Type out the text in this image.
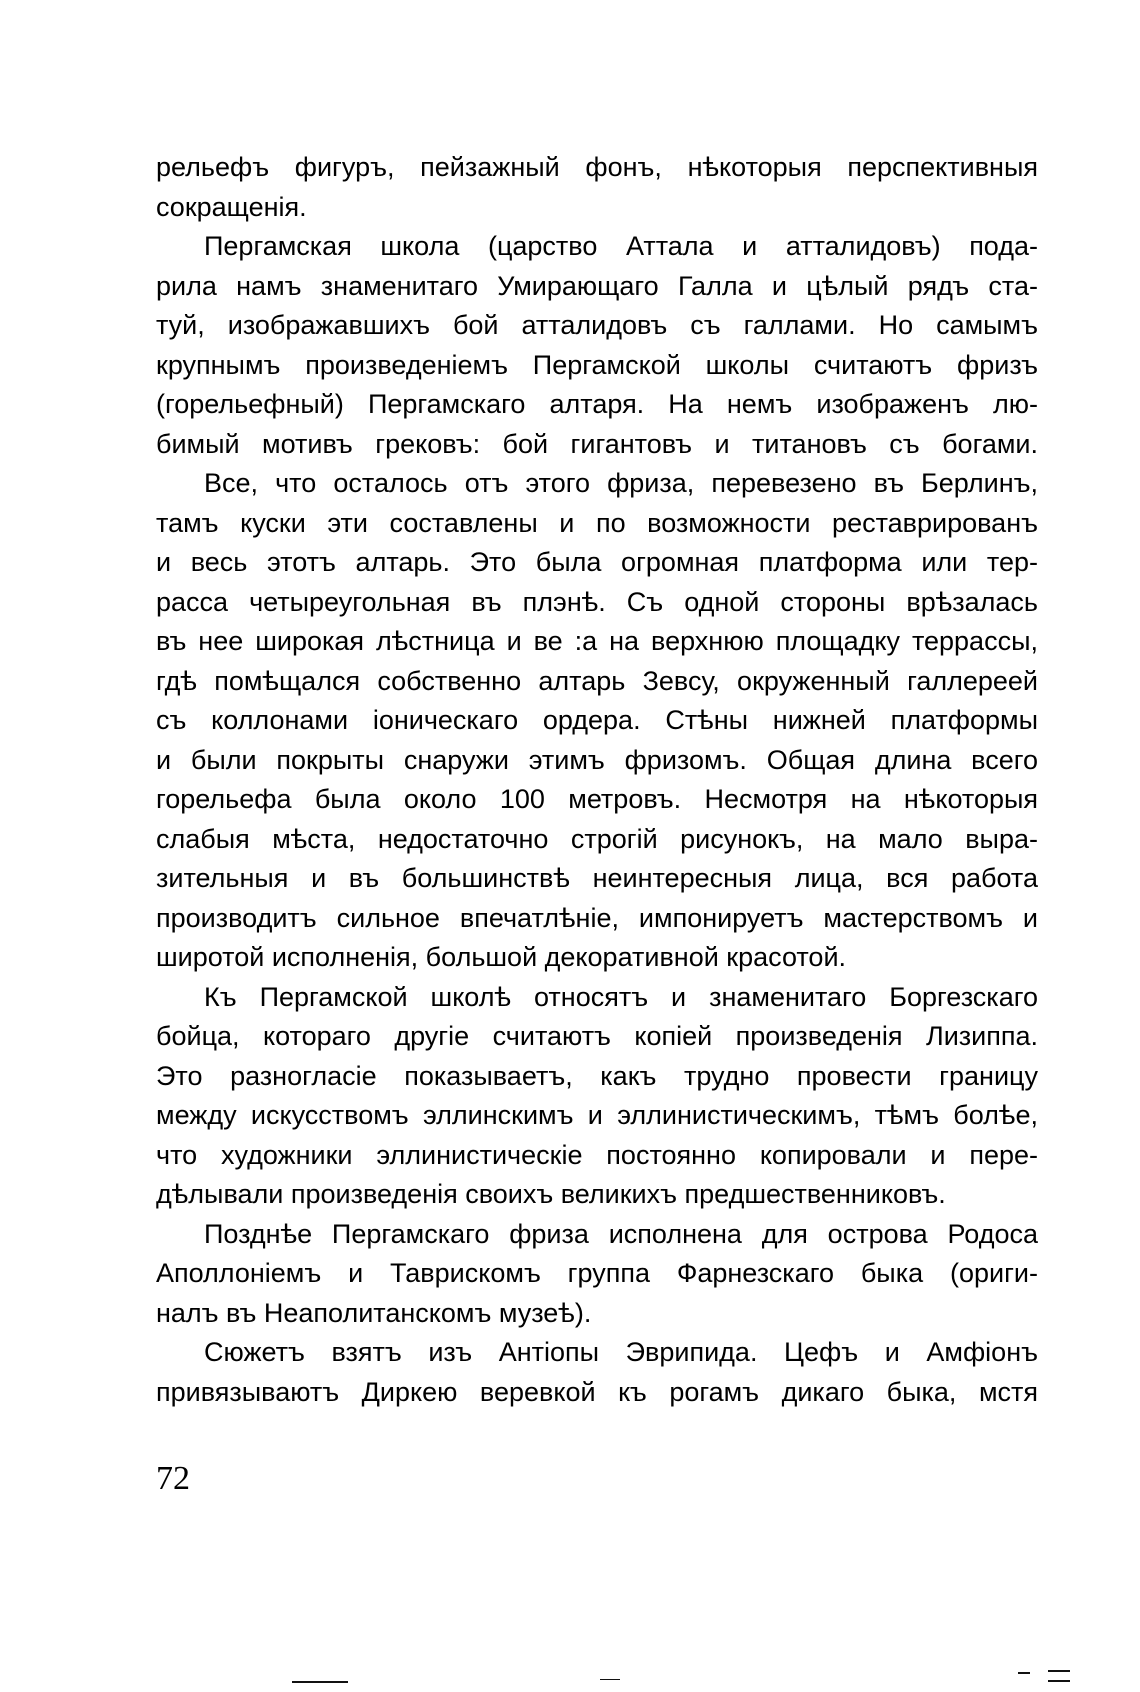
рельефъ фигуръ, пейзажный фонъ, нѣкоторыя перспективныя
сокращенія.
Пергамская школа (царство Аттала и атталидовъ) пода-
рила намъ знаменитаго Умирающаго Галла и цѣлый рядъ ста-
туй, изображавшихъ бой атталидовъ съ галлами. Но самымъ
крупнымъ произведеніемъ Пергамской школы считаютъ фризъ
(горельефный) Пергамскаго алтаря. На немъ изображенъ лю-
бимый мотивъ грековъ: бой гигантовъ и титановъ съ богами.
Все, что осталось отъ этого фриза, перевезено въ Берлинъ,
тамъ куски эти составлены и по возможности реставрированъ
и весь этотъ алтарь. Это была огромная платформа или тер-
расса четыреугольная въ плэнѣ. Съ одной стороны врѣзалась
въ нее широкая лѣстница и ве :а на верхнюю площадку террассы,
гдѣ помѣщался собственно алтарь Зевсу, окруженный галлереей
съ коллонами іоническаго ордера. Стѣны нижней платформы
и были покрыты снаружи этимъ фризомъ. Общая длина всего
горельефа была около 100 метровъ. Несмотря на нѣкоторыя
слабыя мѣста, недостаточно строгій рисунокъ, на мало выра-
зительныя и въ большинствѣ неинтересныя лица, вся работа
производитъ сильное впечатлѣніе, импонируетъ мастерствомъ и
широтой исполненія, большой декоративной красотой.
Къ Пергамской школѣ относятъ и знаменитаго Боргезскаго
бойца, котораго другіе считаютъ копіей произведенія Лизиппа.
Это разногласіе показываетъ, какъ трудно провести границу
между искусствомъ эллинскимъ и эллинистическимъ, тѣмъ болѣе,
что художники эллинистическіе постоянно копировали и пере-
дѣлывали произведенія своихъ великихъ предшественниковъ.
Позднѣе Пергамскаго фриза исполнена для острова Родоса
Аполлоніемъ и Таврискомъ группа Фарнезскаго быка (ориги-
налъ въ Неаполитанскомъ музеѣ).
Сюжетъ взятъ изъ Антіопы Эврипида. Цефъ и Амфіонъ
привязываютъ Диркею веревкой къ рогамъ дикаго быка, мстя
72
